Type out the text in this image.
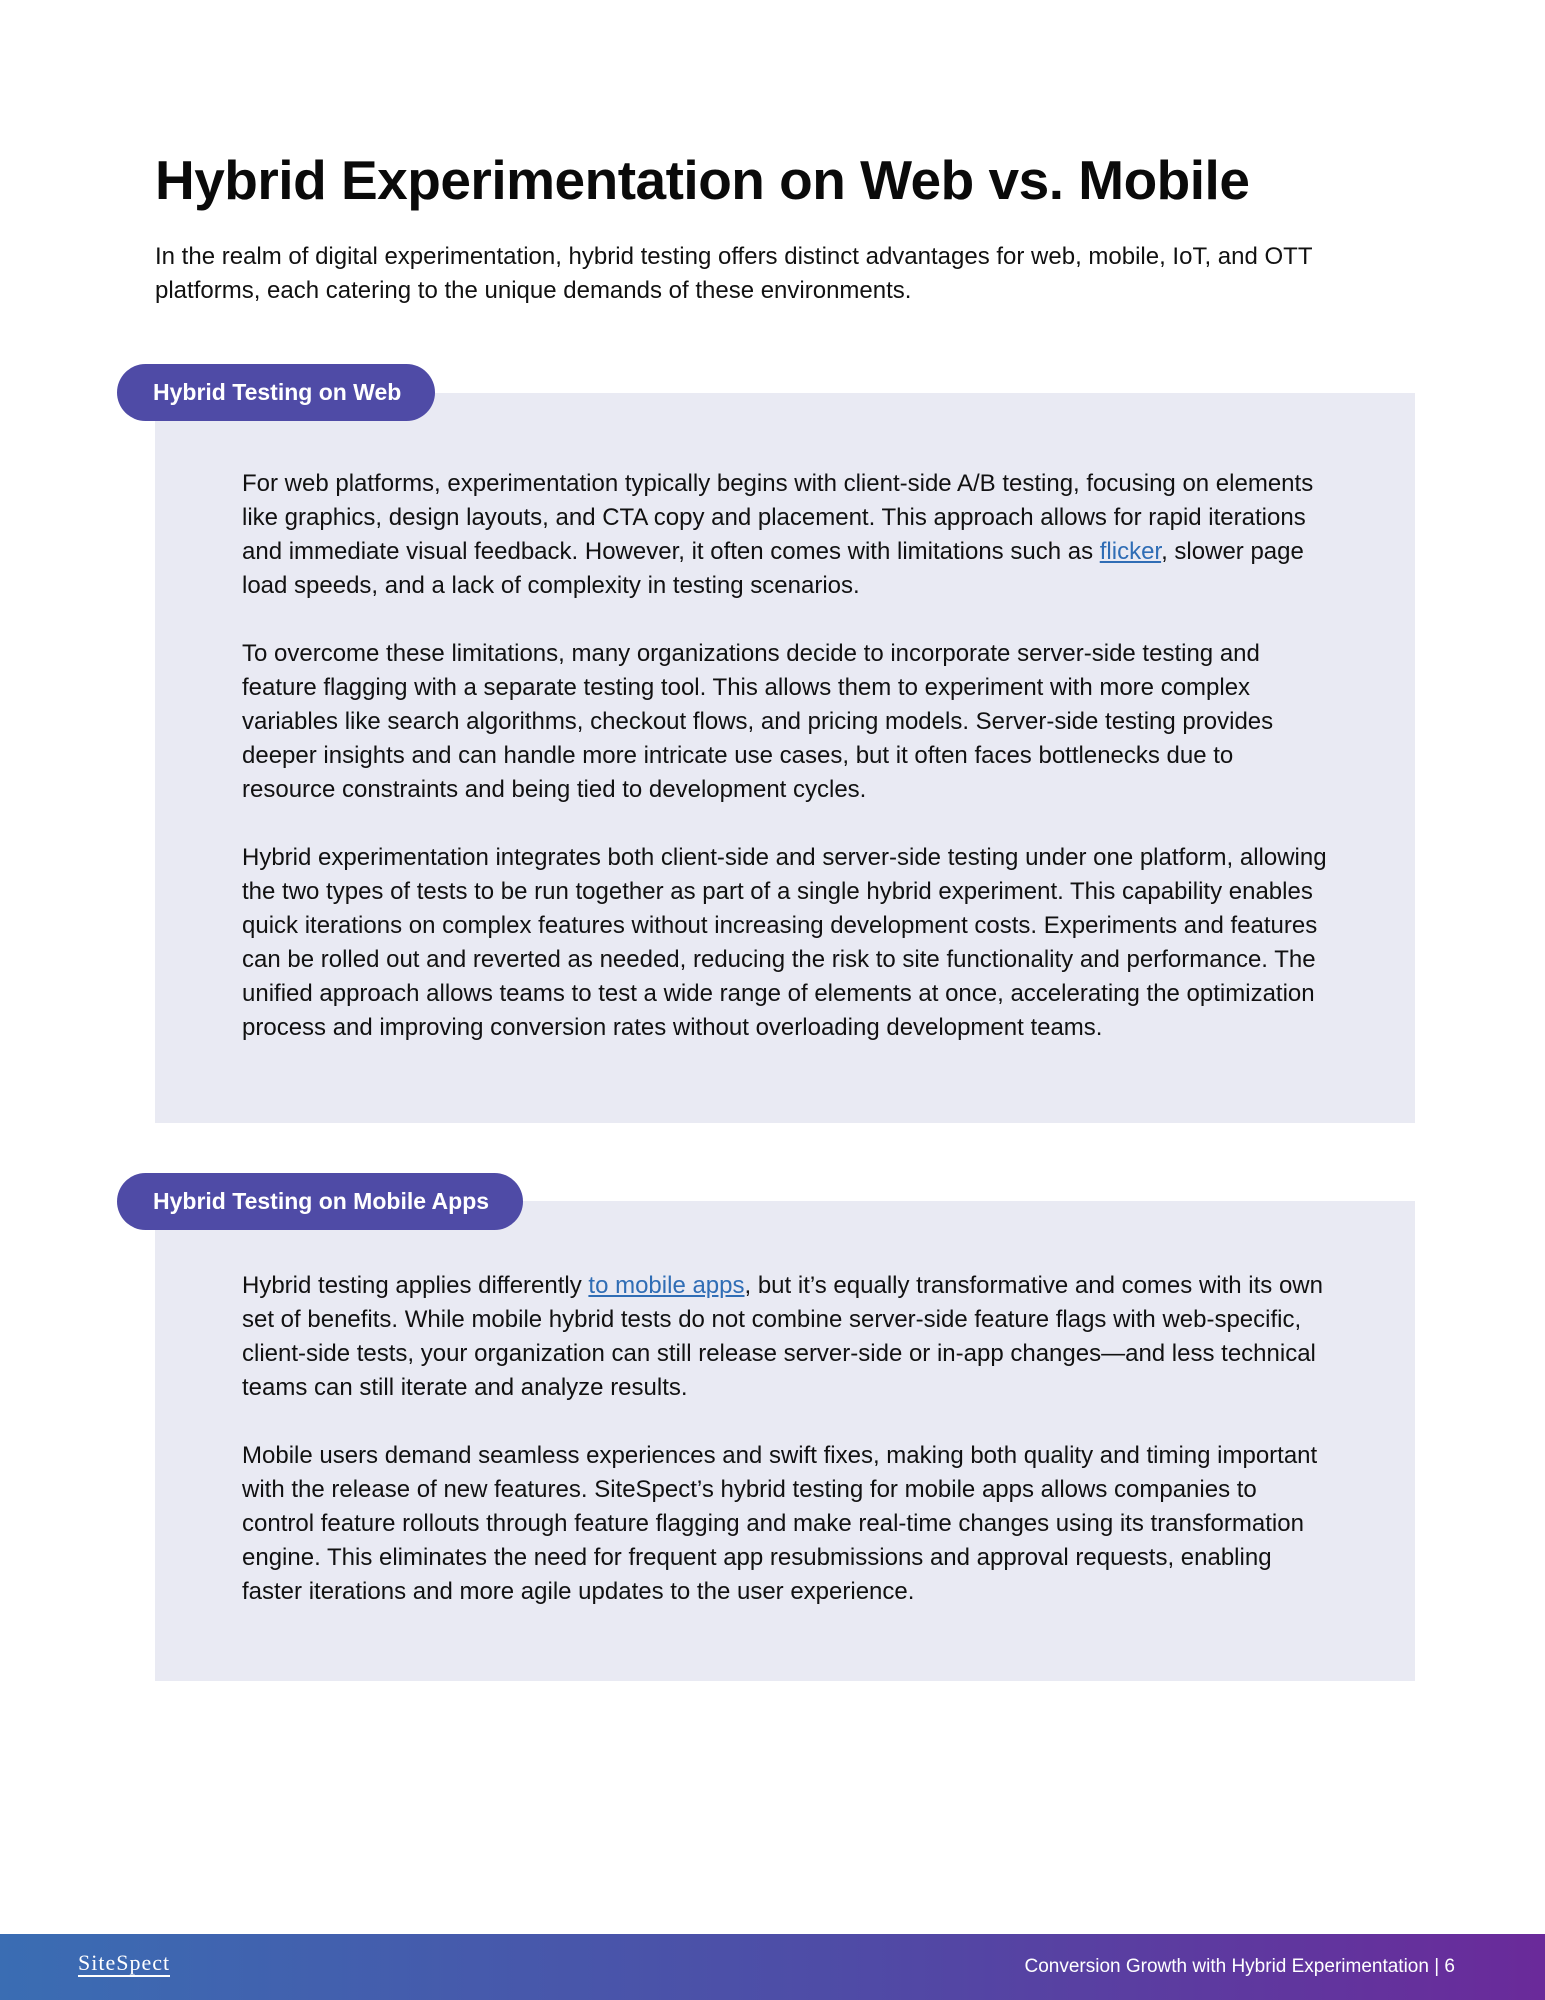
Hybrid Experimentation on Web vs. Mobile

In the realm of digital experimentation, hybrid testing offers distinct advantages for web, mobile, IoT, and OTT platforms, each catering to the unique demands of these environments.

Hybrid Testing on Web

For web platforms, experimentation typically begins with client-side A/B testing, focusing on elements like graphics, design layouts, and CTA copy and placement. This approach allows for rapid iterations and immediate visual feedback. However, it often comes with limitations such as flicker, slower page load speeds, and a lack of complexity in testing scenarios.

To overcome these limitations, many organizations decide to incorporate server-side testing and feature flagging with a separate testing tool. This allows them to experiment with more complex variables like search algorithms, checkout flows, and pricing models. Server-side testing provides deeper insights and can handle more intricate use cases, but it often faces bottlenecks due to resource constraints and being tied to development cycles.

Hybrid experimentation integrates both client-side and server-side testing under one platform, allowing the two types of tests to be run together as part of a single hybrid experiment. This capability enables quick iterations on complex features without increasing development costs. Experiments and features can be rolled out and reverted as needed, reducing the risk to site functionality and performance. The unified approach allows teams to test a wide range of elements at once, accelerating the optimization process and improving conversion rates without overloading development teams.

Hybrid Testing on Mobile Apps

Hybrid testing applies differently to mobile apps, but it’s equally transformative and comes with its own set of benefits. While mobile hybrid tests do not combine server-side feature flags with web-specific, client-side tests, your organization can still release server-side or in-app changes—and less technical teams can still iterate and analyze results.

Mobile users demand seamless experiences and swift fixes, making both quality and timing important with the release of new features. SiteSpect’s hybrid testing for mobile apps allows companies to control feature rollouts through feature flagging and make real-time changes using its transformation engine. This eliminates the need for frequent app resubmissions and approval requests, enabling faster iterations and more agile updates to the user experience.

SiteSpect	Conversion Growth with Hybrid Experimentation | 6
